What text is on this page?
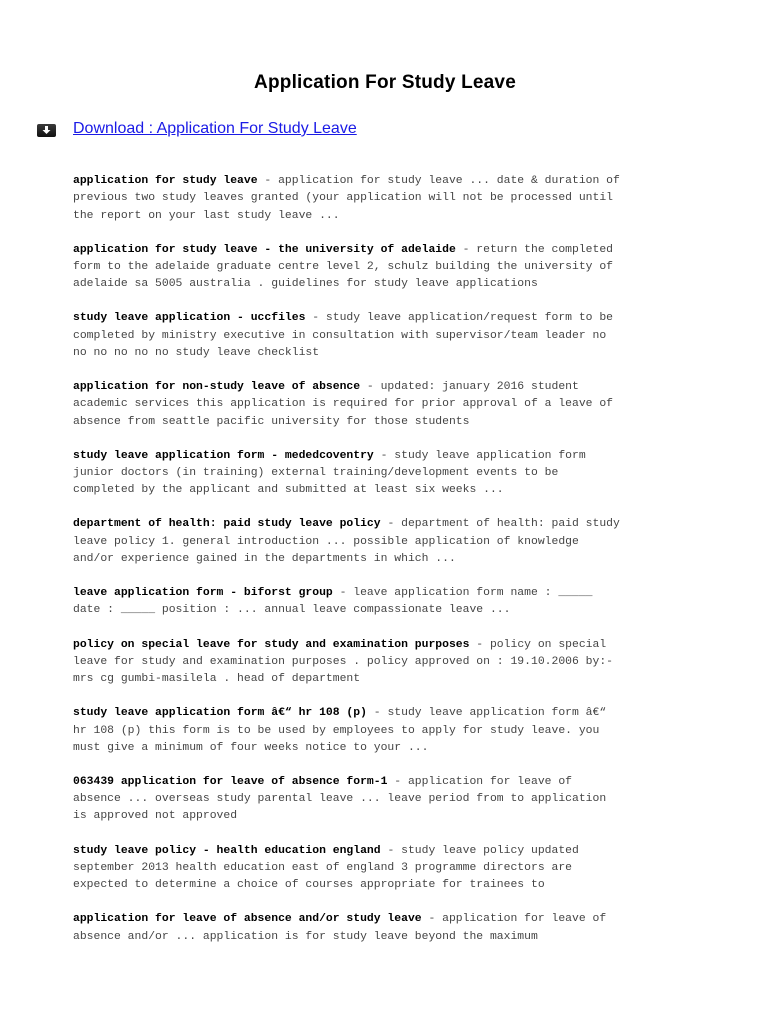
Application For Study Leave
Download : Application For Study Leave
application for study leave - application for study leave ... date & duration of
previous two study leaves granted (your application will not be processed until
the report on your last study leave ...
application for study leave - the university of adelaide - return the completed
form to the adelaide graduate centre level 2, schulz building the university of
adelaide sa 5005 australia . guidelines for study leave applications
study leave application - uccfiles - study leave application/request form to be
completed by ministry executive in consultation with supervisor/team leader no
no no no no no study leave checklist
application for non-study leave of absence - updated: january 2016 student
academic services this application is required for prior approval of a leave of
absence from seattle pacific university for those students
study leave application form - mededcoventry - study leave application form
junior doctors (in training) external training/development events to be
completed by the applicant and submitted at least six weeks ...
department of health: paid study leave policy - department of health: paid study
leave policy 1. general introduction ... possible application of knowledge
and/or experience gained in the departments in which ...
leave application form - biforst group - leave application form name : _____
date : _____ position : ... annual leave compassionate leave ...
policy on special leave for study and examination purposes - policy on special
leave for study and examination purposes . policy approved on : 19.10.2006 by:-
mrs cg gumbi-masilela . head of department
study leave application form â€“ hr 108 (p) - study leave application form â€“
hr 108 (p) this form is to be used by employees to apply for study leave. you
must give a minimum of four weeks notice to your ...
063439 application for leave of absence form-1 - application for leave of
absence ... overseas study parental leave ... leave period from to application
is approved not approved
study leave policy - health education england - study leave policy updated
september 2013 health education east of england 3 programme directors are
expected to determine a choice of courses appropriate for trainees to
application for leave of absence and/or study leave - application for leave of
absence and/or ... application is for study leave beyond the maximum
